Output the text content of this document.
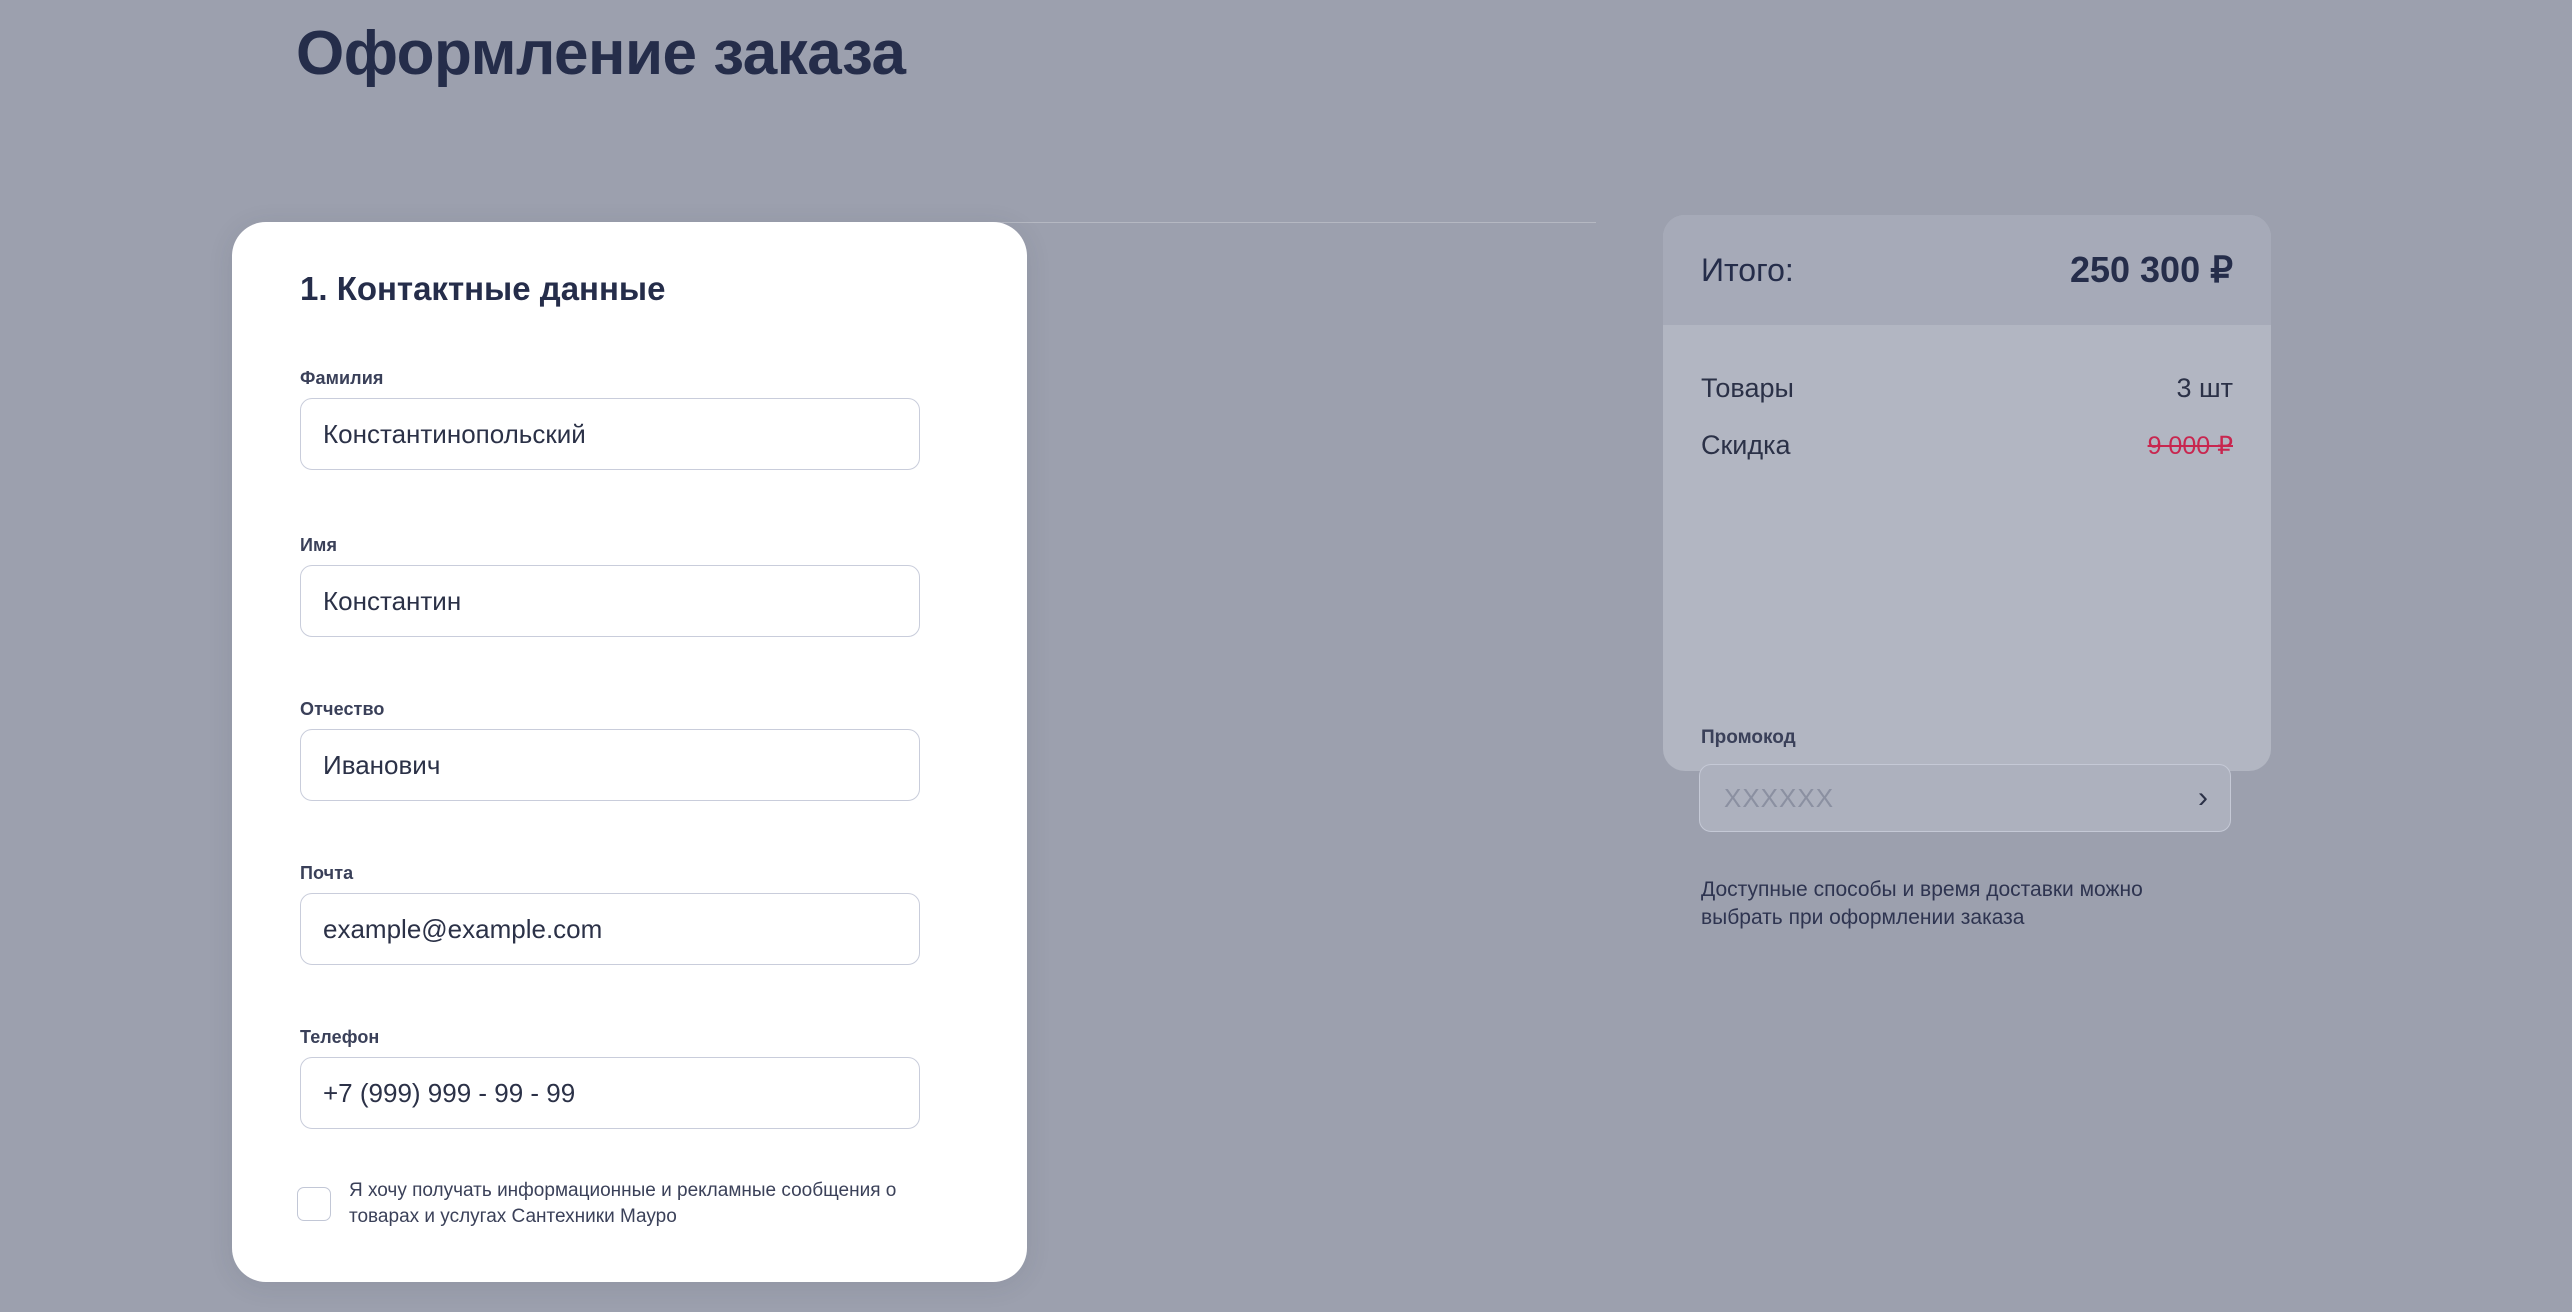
Оформление заказа
1. Контактные данные
Фамилия
Константинопольский
Имя
Константин
Отчество
Иванович
Почта
example@example.com
Телефон
+7 (999) 999 - 99 - 99
Я хочу получать информационные и рекламные сообщения о товарах и услугах Сантехники Мауро
Итого:	250 300 ₽
Товары	3 шт
Скидка	9 000 ₽
Промокод
XXXXXX
›
Доступные способы и время доставки можно выбрать при оформлении заказа
